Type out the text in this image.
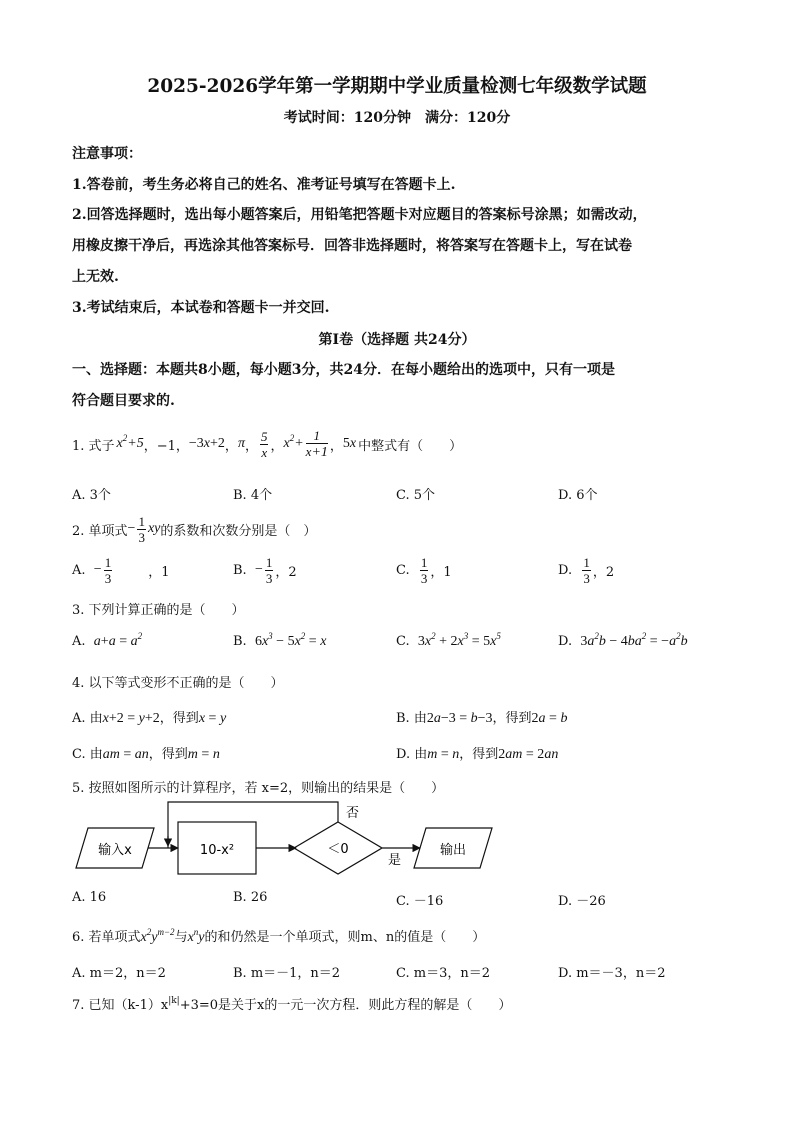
2025-2026学年第一学期期中学业质量检测七年级数学试题
考试时间：120分钟　满分：120分
注意事项：
1.答卷前，考生务必将自己的姓名、准考证号填写在答题卡上.
2.回答选择题时，选出每小题答案后，用铅笔把答题卡对应题目的答案标号涂黑；如需改动，
用橡皮擦干净后，再选涂其他答案标号．回答非选择题时，将答案写在答题卡上，写在试卷
上无效.
3.考试结束后，本试卷和答题卡一并交回.
第Ⅰ卷（选择题 共24分）
一、选择题：本题共8小题，每小题3分，共24分．在每小题给出的选项中，只有一项是
符合题目要求的.
1. 式子 $x^2+5$ ，−1， −3x+2 ， π ， $\frac{5}{x}$ ， $x^2+ \frac{1}{x+1}$ ， 5x 中整式有（　　）
A. 3个	B. 4个	C. 5个	D. 6个
2. 单项式 − $\frac{1}{3}$ xy 的系数和次数分别是（　）
A. − $\frac{1}{3}$	，1	B. − $\frac{1}{3}$ ，2	C. $\frac{1}{3}$ ，1	D. $\frac{1}{3}$ ，2
3. 下列计算正确的是（　　）
A.  $a+a = a^2$	B.  $6x^3 - 5x^2 = x$	C.  $3x^2 + 2x^3 = 5x^5$	D.  $3a^2b - 4ba^2 = -a^2b$
4. 以下等式变形不正确的是（　　）
A. 由x+2 = y+2，得到x = y	B. 由2a−3 = b−3，得到2a = b
C. 由am = an，得到m = n	D. 由m = n，得到2am = 2an
5. 按照如图所示的计算程序，若 x=2，则输出的结果是（　　）
输入x	10-x²	＜0
否
是
输出
A. 16	B. 26	C. －16	D. －26
6. 若单项式$x^2y^{m-2}$与$x^ny$的和仍然是一个单项式，则m、n的值是（　　）
A. m＝2，n＝2	B. m＝－1，n＝2	C. m＝3，n＝2	D. m＝－3，n＝2
7. 已知$(k-1)x^{|k|}+3=0$是关于x的一元一次方程．则此方程的解是（　　）
